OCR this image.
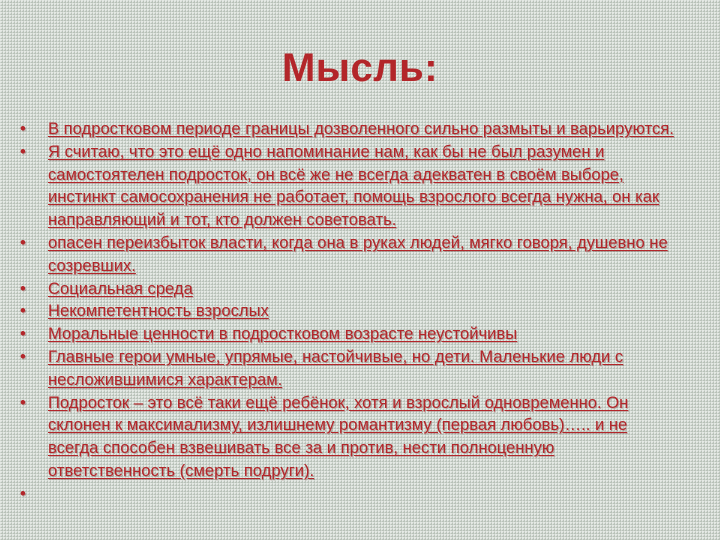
Мысль:
• В подростковом периоде границы дозволенного сильно размыты и варьируются.
• Я считаю, что это ещё одно напоминание нам, как бы не был разумен и самостоятелен подросток, он всё же не всегда адекватен в своём выборе, инстинкт самосохранения не работает, помощь взрослого всегда нужна, он как направляющий и тот, кто должен советовать.
• опасен переизбыток власти, когда она в руках людей, мягко говоря, душевно не созревших.
• Социальная среда
• Некомпетентность взрослых
• Моральные ценности в подростковом возрасте неустойчивы
• Главные герои умные, упрямые, настойчивые, но дети. Маленькие люди с несложившимися характерам.
• Подросток – это всё таки ещё ребёнок, хотя и взрослый одновременно. Он склонен к максимализму, излишнему романтизму (первая любовь)….. и не всегда способен взвешивать все за и против, нести полноценную ответственность (смерть подруги).
•
